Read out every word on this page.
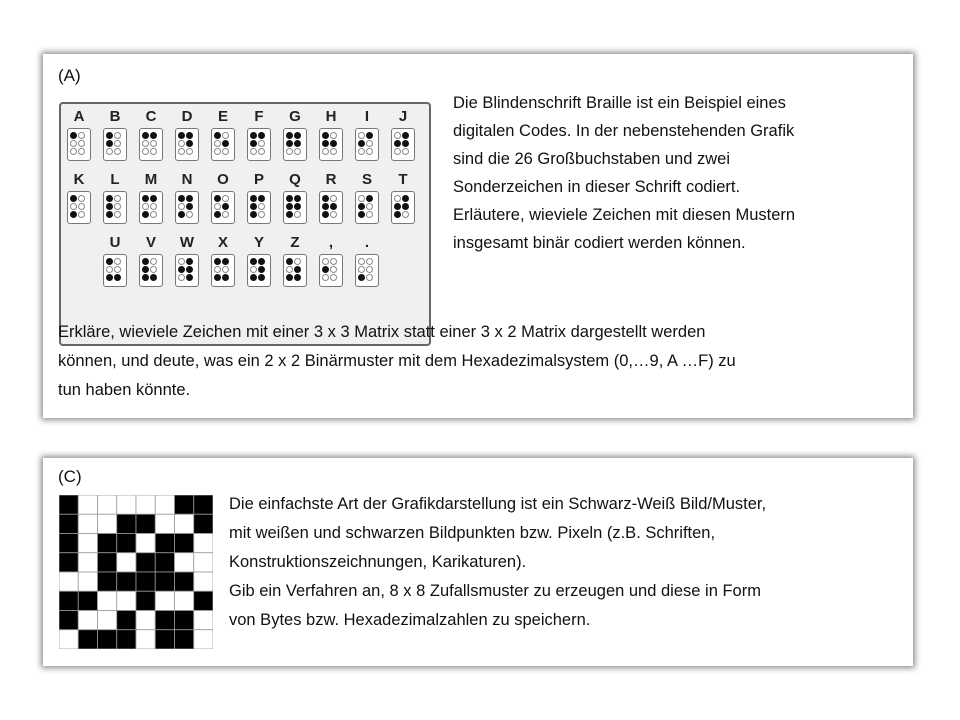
(A)
A	B	C	D	E	F	G	H	I	J
K	L	M	N	O	P	Q	R	S	T
U	V	W	X	Y	Z	,	.
Die Blindenschrift Braille ist ein Beispiel eines
digitalen Codes. In der nebenstehenden Grafik
sind die 26 Großbuchstaben und zwei
Sonderzeichen in dieser Schrift codiert.
Erläutere, wieviele Zeichen mit diesen Mustern
insgesamt binär codiert werden können.
Erkläre, wieviele Zeichen mit einer 3 x 3 Matrix statt einer 3 x 2 Matrix dargestellt werden
können, und deute, was ein 2 x 2 Binärmuster mit dem Hexadezimalsystem (0,…9, A …F) zu
tun haben könnte.
(C)
Die einfachste Art der Grafikdarstellung ist ein Schwarz-Weiß Bild/Muster,
mit weißen und schwarzen Bildpunkten bzw. Pixeln (z.B. Schriften,
Konstruktionszeichnungen, Karikaturen).
Gib ein Verfahren an, 8 x 8 Zufallsmuster zu erzeugen und diese in Form
von Bytes bzw. Hexadezimalzahlen zu speichern.
